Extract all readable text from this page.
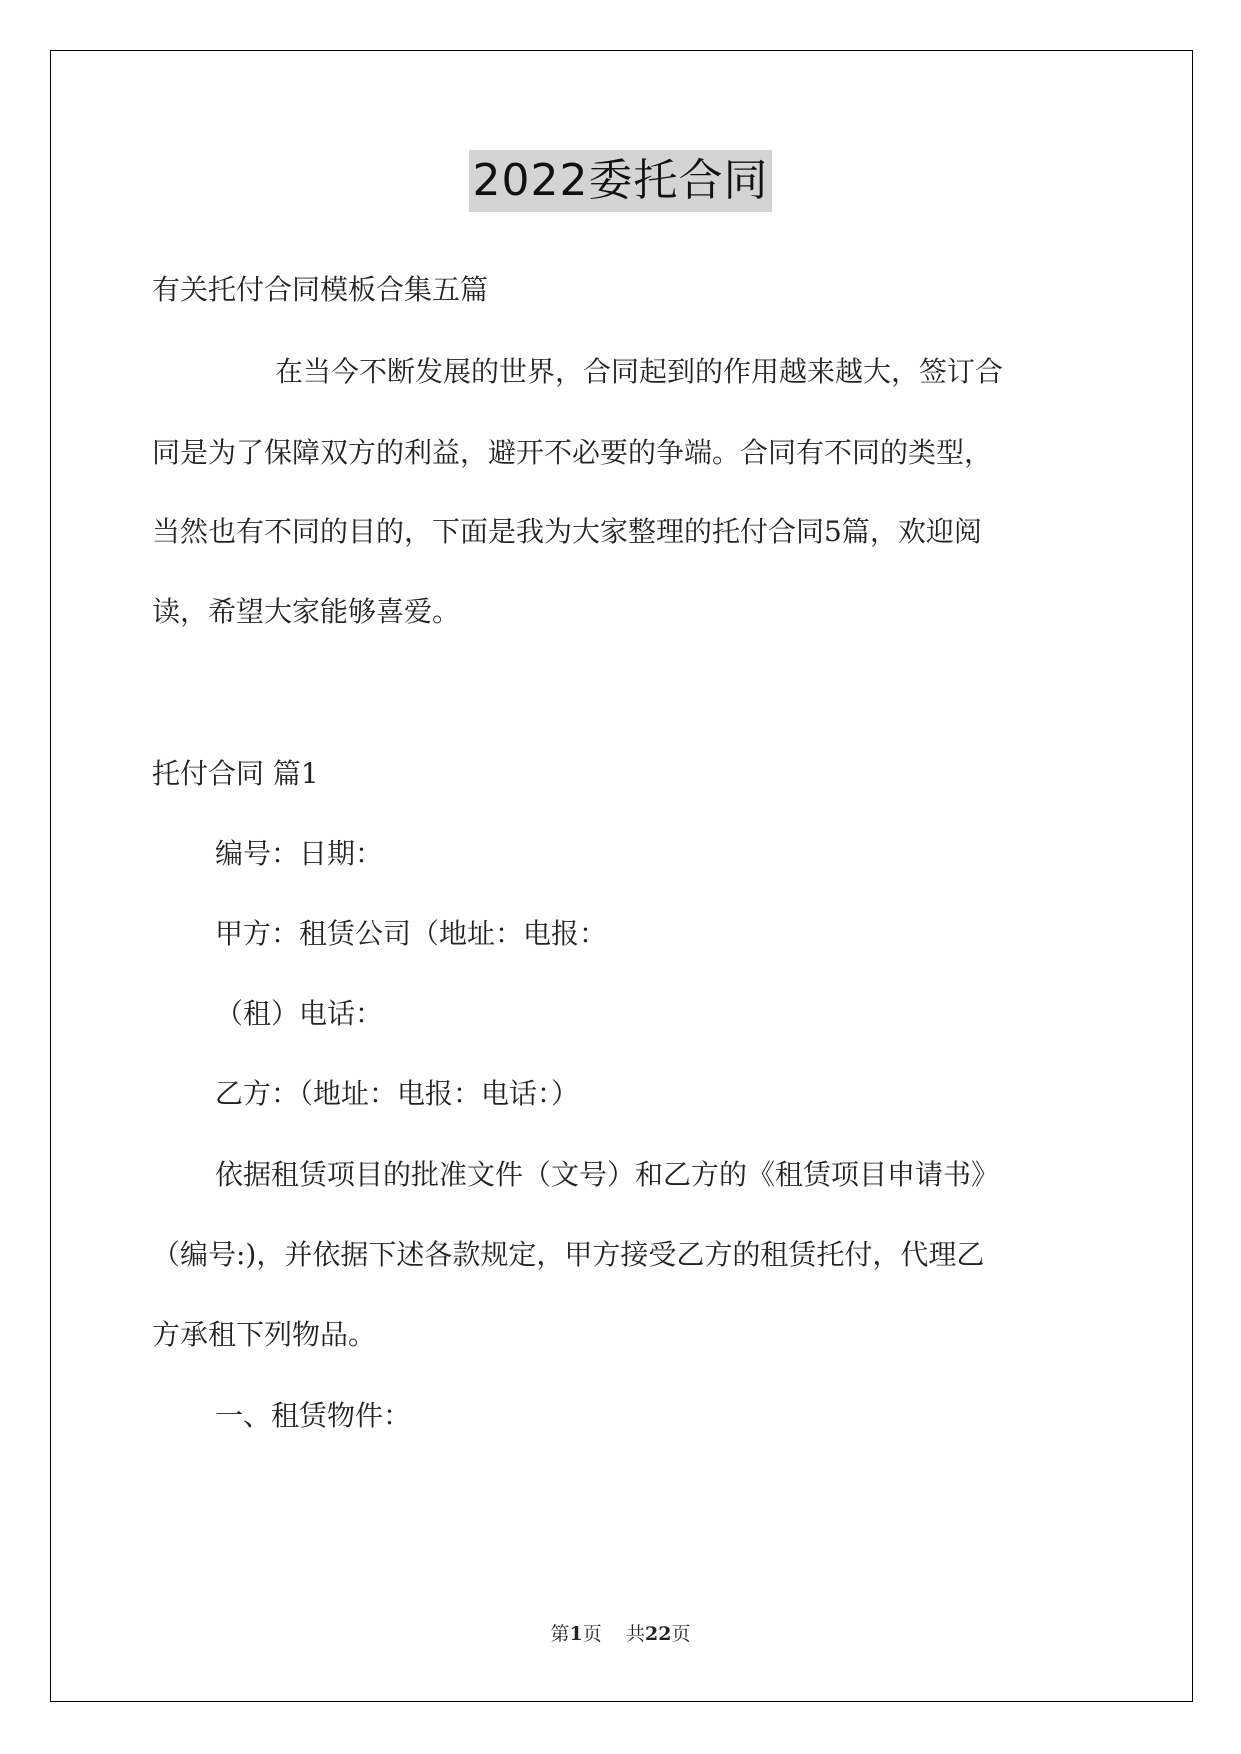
2022委托合同
有关托付合同模板合集五篇
在当今不断发展的世界，合同起到的作用越来越大，签订合
同是为了保障双方的利益，避开不必要的争端。合同有不同的类型，
当然也有不同的目的，下面是我为大家整理的托付合同5篇，欢迎阅
读，希望大家能够喜爱。
托付合同 篇1
编号：日期：
甲方：租赁公司（地址：电报：
（租）电话：
乙方：（地址：电报：电话：）
依据租赁项目的批准文件（文号）和乙方的《租赁项目申请书》
（编号:)，并依据下述各款规定，甲方接受乙方的租赁托付，代理乙
方承租下列物品。
一、租赁物件：
第1页 共22页
